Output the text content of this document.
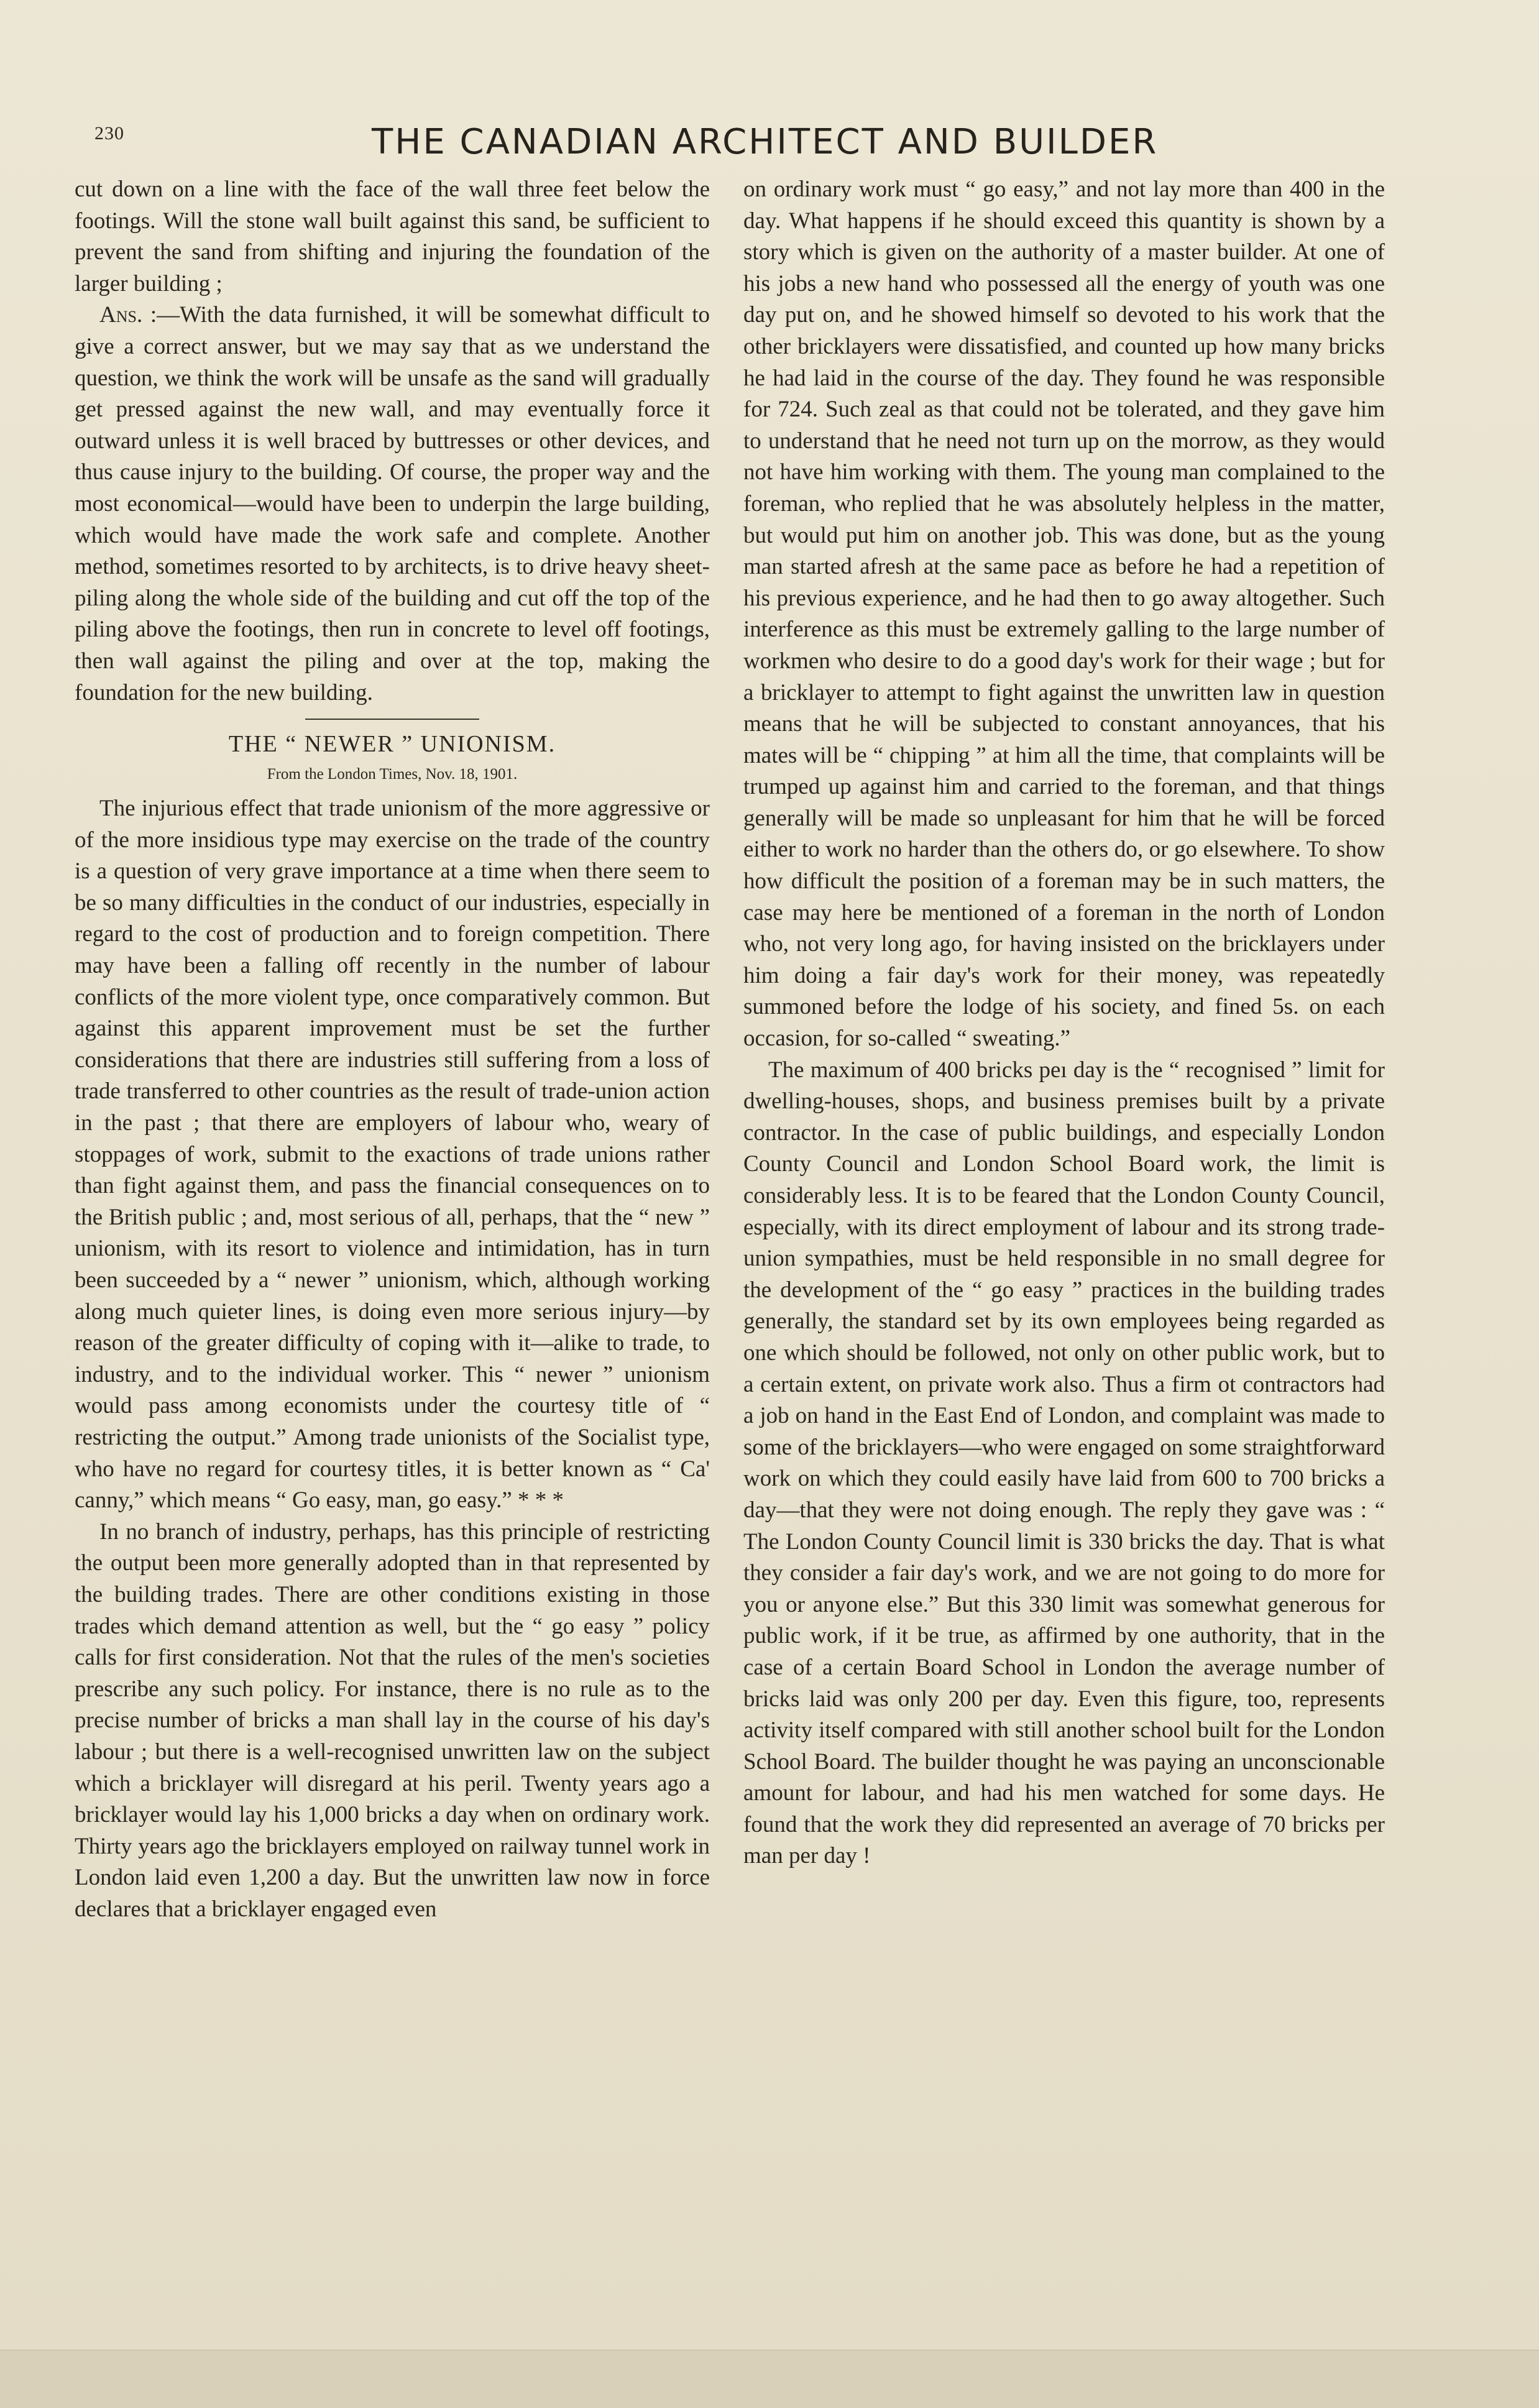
230	THE CANADIAN ARCHITECT AND BUILDER

cut down on a line with the face of the wall three feet below the footings. Will the stone wall built against this sand, be sufficient to prevent the sand from shifting and injuring the foundation of the larger building ;

Ans. :—With the data furnished, it will be somewhat difficult to give a correct answer, but we may say that as we understand the question, we think the work will be unsafe as the sand will gradually get pressed against the new wall, and may eventually force it outward unless it is well braced by buttresses or other devices, and thus cause injury to the building. Of course, the proper way and the most economical—would have been to underpin the large building, which would have made the work safe and complete. Another method, sometimes resorted to by architects, is to drive heavy sheet-piling along the whole side of the building and cut off the top of the piling above the footings, then run in concrete to level off footings, then wall against the piling and over at the top, making the foundation for the new building.

THE “ NEWER ” UNIONISM.
From the London Times, Nov. 18, 1901.

The injurious effect that trade unionism of the more aggressive or of the more insidious type may exercise on the trade of the country is a question of very grave importance at a time when there seem to be so many difficulties in the conduct of our industries, especially in regard to the cost of production and to foreign competition. There may have been a falling off recently in the number of labour conflicts of the more violent type, once comparatively common. But against this apparent improvement must be set the further considerations that there are industries still suffering from a loss of trade transferred to other countries as the result of trade-union action in the past ; that there are employers of labour who, weary of stoppages of work, submit to the exactions of trade unions rather than fight against them, and pass the financial consequences on to the British public ; and, most serious of all, perhaps, that the “ new ” unionism, with its resort to violence and intimidation, has in turn been succeeded by a “ newer ” unionism, which, although working along much quieter lines, is doing even more serious injury—by reason of the greater difficulty of coping with it—alike to trade, to industry, and to the individual worker. This “ newer ” unionism would pass among economists under the courtesy title of “ restricting the output.” Among trade unionists of the Socialist type, who have no regard for courtesy titles, it is better known as “ Ca' canny,” which means “ Go easy, man, go easy.” * * *

In no branch of industry, perhaps, has this principle of restricting the output been more generally adopted than in that represented by the building trades. There are other conditions existing in those trades which demand attention as well, but the “ go easy ” policy calls for first consideration. Not that the rules of the men's societies prescribe any such policy. For instance, there is no rule as to the precise number of bricks a man shall lay in the course of his day's labour ; but there is a well-recognised unwritten law on the subject which a bricklayer will disregard at his peril. Twenty years ago a bricklayer would lay his 1,000 bricks a day when on ordinary work. Thirty years ago the bricklayers employed on railway tunnel work in London laid even 1,200 a day. But the unwritten law now in force declares that a bricklayer engaged even

on ordinary work must “ go easy,” and not lay more than 400 in the day. What happens if he should exceed this quantity is shown by a story which is given on the authority of a master builder. At one of his jobs a new hand who possessed all the energy of youth was one day put on, and he showed himself so devoted to his work that the other bricklayers were dissatisfied, and counted up how many bricks he had laid in the course of the day. They found he was responsible for 724. Such zeal as that could not be tolerated, and they gave him to understand that he need not turn up on the morrow, as they would not have him working with them. The young man complained to the foreman, who replied that he was absolutely helpless in the matter, but would put him on another job. This was done, but as the young man started afresh at the same pace as before he had a repetition of his previous experience, and he had then to go away altogether. Such interference as this must be extremely galling to the large number of workmen who desire to do a good day's work for their wage ; but for a bricklayer to attempt to fight against the unwritten law in question means that he will be subjected to constant annoyances, that his mates will be “ chipping ” at him all the time, that complaints will be trumped up against him and carried to the foreman, and that things generally will be made so unpleasant for him that he will be forced either to work no harder than the others do, or go elsewhere. To show how difficult the position of a foreman may be in such matters, the case may here be mentioned of a foreman in the north of London who, not very long ago, for having insisted on the bricklayers under him doing a fair day's work for their money, was repeatedly summoned before the lodge of his society, and fined 5s. on each occasion, for so-called “ sweating.”

The maximum of 400 bricks peı day is the “ recognised ” limit for dwelling-houses, shops, and business premises built by a private contractor. In the case of public buildings, and especially London County Council and London School Board work, the limit is considerably less. It is to be feared that the London County Council, especially, with its direct employment of labour and its strong trade-union sympathies, must be held responsible in no small degree for the development of the “ go easy ” practices in the building trades generally, the standard set by its own employees being regarded as one which should be followed, not only on other public work, but to a certain extent, on private work also. Thus a firm ot contractors had a job on hand in the East End of London, and complaint was made to some of the bricklayers—who were engaged on some straightforward work on which they could easily have laid from 600 to 700 bricks a day—that they were not doing enough. The reply they gave was : “ The London County Council limit is 330 bricks the day. That is what they consider a fair day's work, and we are not going to do more for you or anyone else.” But this 330 limit was somewhat generous for public work, if it be true, as affirmed by one authority, that in the case of a certain Board School in London the average number of bricks laid was only 200 per day. Even this figure, too, represents activity itself compared with still another school built for the London School Board. The builder thought he was paying an unconscionable amount for labour, and had his men watched for some days. He found that the work they did represented an average of 70 bricks per man per day !
